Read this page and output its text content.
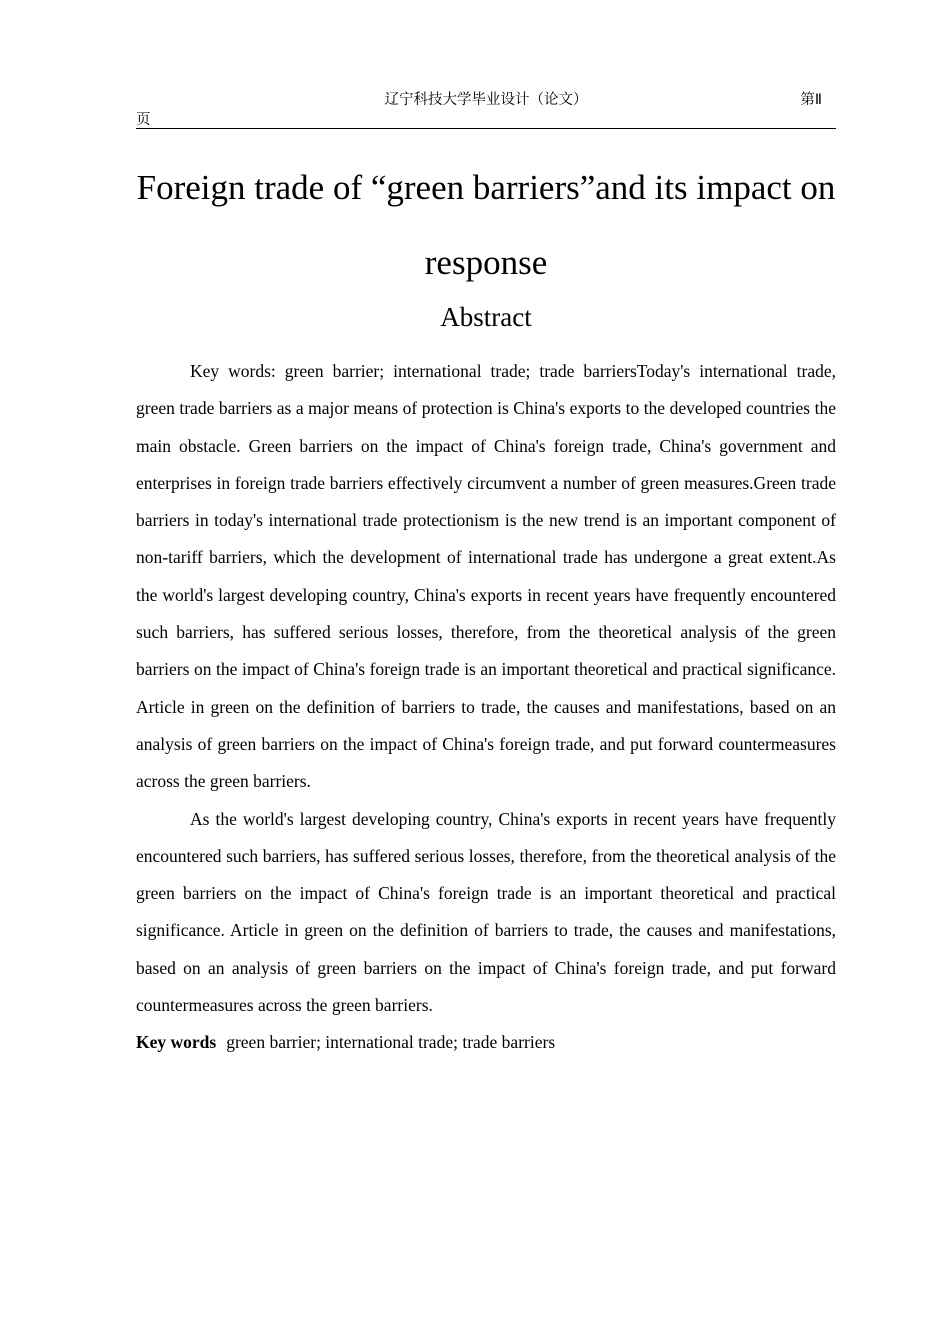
辽宁科技大学毕业设计（论文）	第Ⅱ
页
Foreign trade of “green barriers”and its impact on response
Abstract

Key words: green barrier; international trade; trade barriersToday's international trade, green trade barriers as a major means of protection is China's exports to the developed countries the main obstacle. Green barriers on the impact of China's foreign trade, China's government and enterprises in foreign trade barriers effectively circumvent a number of green measures.Green trade barriers in today's international trade protectionism is the new trend is an important component of non-tariff barriers, which the development of international trade has undergone a great extent.As the world's largest developing country, China's exports in recent years have frequently encountered such barriers, has suffered serious losses, therefore, from the theoretical analysis of the green barriers on the impact of China's foreign trade is an important theoretical and practical significance. Article in green on the definition of barriers to trade, the causes and manifestations, based on an analysis of green barriers on the impact of China's foreign trade, and put forward countermeasures across the green barriers.

As the world's largest developing country, China's exports in recent years have frequently encountered such barriers, has suffered serious losses, therefore, from the theoretical analysis of the green barriers on the impact of China's foreign trade is an important theoretical and practical significance. Article in green on the definition of barriers to trade, the causes and manifestations, based on an analysis of green barriers on the impact of China's foreign trade, and put forward countermeasures across the green barriers.

Key words green barrier; international trade; trade barriers
